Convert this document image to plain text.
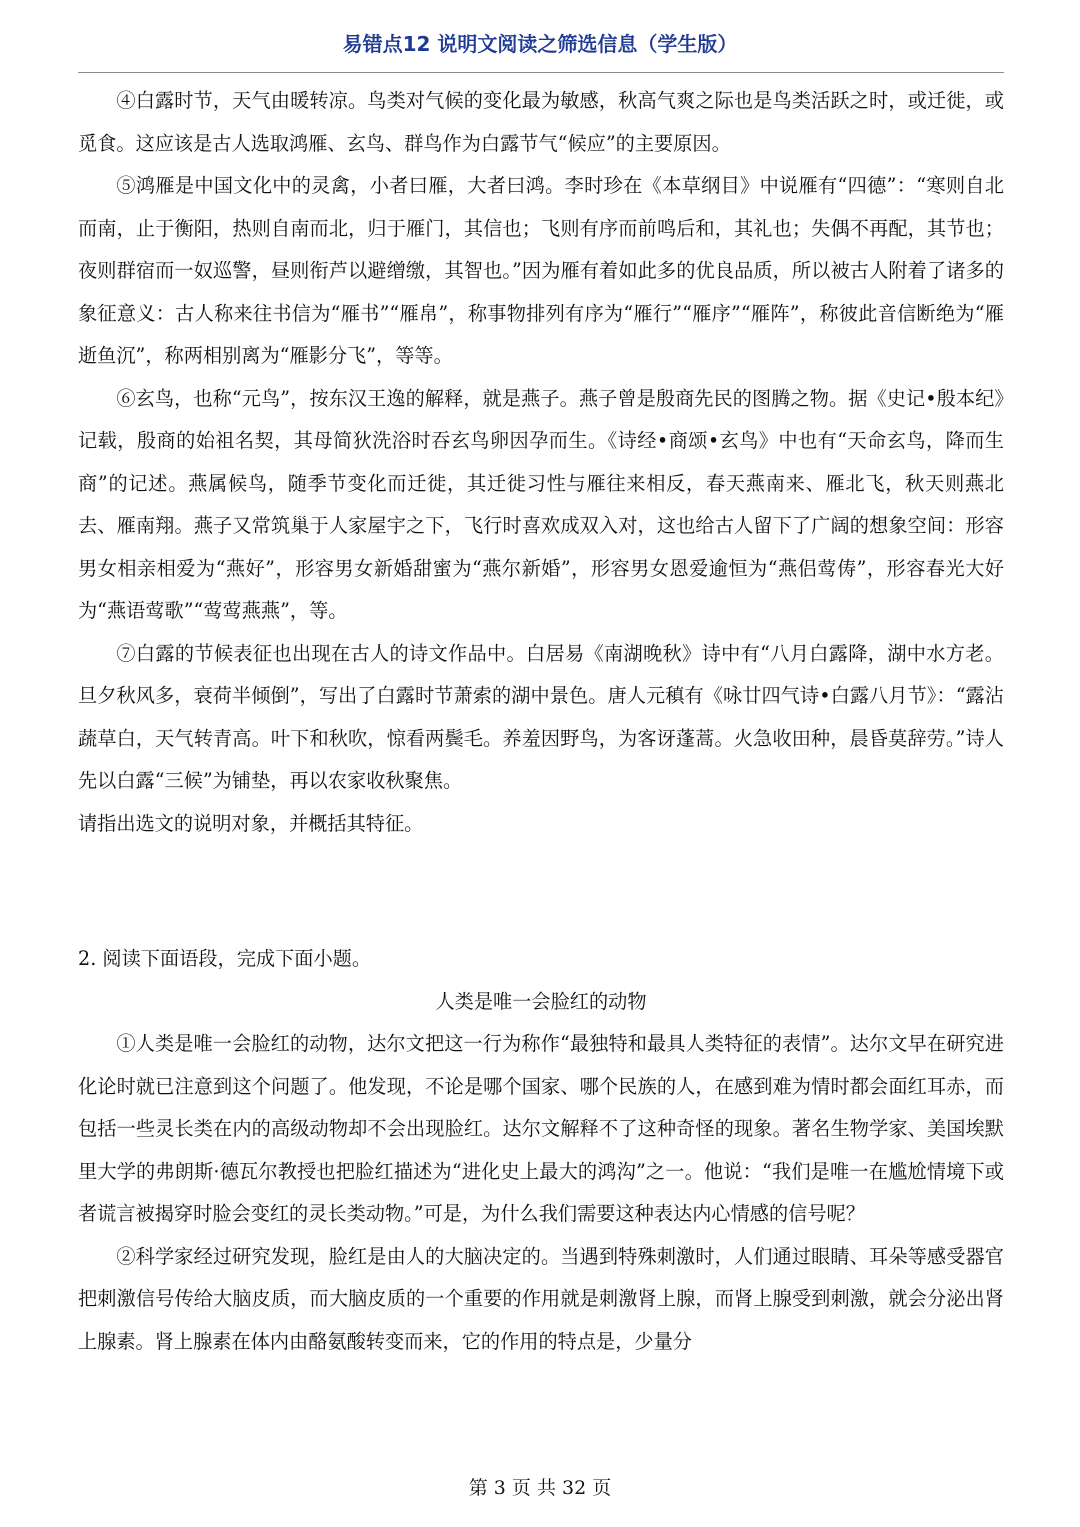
易错点12 说明文阅读之筛选信息（学生版）

④白露时节，天气由暖转凉。鸟类对气候的变化最为敏感，秋高气爽之际也是鸟类活跃之时，或迁徙，或觅食。这应该是古人选取鸿雁、玄鸟、群鸟作为白露节气“候应”的主要原因。

⑤鸿雁是中国文化中的灵禽，小者曰雁，大者曰鸿。李时珍在《本草纲目》中说雁有“四德”：“寒则自北而南，止于衡阳，热则自南而北，归于雁门，其信也；飞则有序而前鸣后和，其礼也；失偶不再配，其节也；夜则群宿而一奴巡警，昼则衔芦以避缯缴，其智也。”因为雁有着如此多的优良品质，所以被古人附着了诸多的象征意义：古人称来往书信为“雁书”“雁帛”，称事物排列有序为“雁行”“雁序”“雁阵”，称彼此音信断绝为“雁逝鱼沉”，称两相别离为“雁影分飞”，等等。

⑥玄鸟，也称“元鸟”，按东汉王逸的解释，就是燕子。燕子曾是殷商先民的图腾之物。据《史记•殷本纪》记载，殷商的始祖名契，其母简狄洗浴时吞玄鸟卵因孕而生。《诗经•商颂•玄鸟》中也有“天命玄鸟，降而生商”的记述。燕属候鸟，随季节变化而迁徙，其迁徙习性与雁往来相反，春天燕南来、雁北飞，秋天则燕北去、雁南翔。燕子又常筑巢于人家屋宇之下，飞行时喜欢成双入对，这也给古人留下了广阔的想象空间：形容男女相亲相爱为“燕好”，形容男女新婚甜蜜为“燕尔新婚”，形容男女恩爱逾恒为“燕侣莺俦”，形容春光大好为“燕语莺歌”“莺莺燕燕”，等。

⑦白露的节候表征也出现在古人的诗文作品中。白居易《南湖晚秋》诗中有“八月白露降，湖中水方老。旦夕秋风多，衰荷半倾倒”，写出了白露时节萧索的湖中景色。唐人元稹有《咏廿四气诗•白露八月节》：“露沾蔬草白，天气转青高。叶下和秋吹，惊看两鬓毛。养羞因野鸟，为客讶蓬蒿。火急收田种，晨昏莫辞劳。”诗人先以白露“三候”为铺垫，再以农家收秋聚焦。

请指出选文的说明对象，并概括其特征。

2. 阅读下面语段，完成下面小题。

人类是唯一会脸红的动物

①人类是唯一会脸红的动物，达尔文把这一行为称作“最独特和最具人类特征的表情”。达尔文早在研究进化论时就已注意到这个问题了。他发现，不论是哪个国家、哪个民族的人，在感到难为情时都会面红耳赤，而包括一些灵长类在内的高级动物却不会出现脸红。达尔文解释不了这种奇怪的现象。著名生物学家、美国埃默里大学的弗朗斯·德瓦尔教授也把脸红描述为“进化史上最大的鸿沟”之一。他说：“我们是唯一在尴尬情境下或者谎言被揭穿时脸会变红的灵长类动物。”可是，为什么我们需要这种表达内心情感的信号呢？

②科学家经过研究发现，脸红是由人的大脑决定的。当遇到特殊刺激时，人们通过眼睛、耳朵等感受器官把刺激信号传给大脑皮质，而大脑皮质的一个重要的作用就是刺激肾上腺，而肾上腺受到刺激，就会分泌出肾上腺素。肾上腺素在体内由酪氨酸转变而来，它的作用的特点是，少量分

第 3 页 共 32 页
